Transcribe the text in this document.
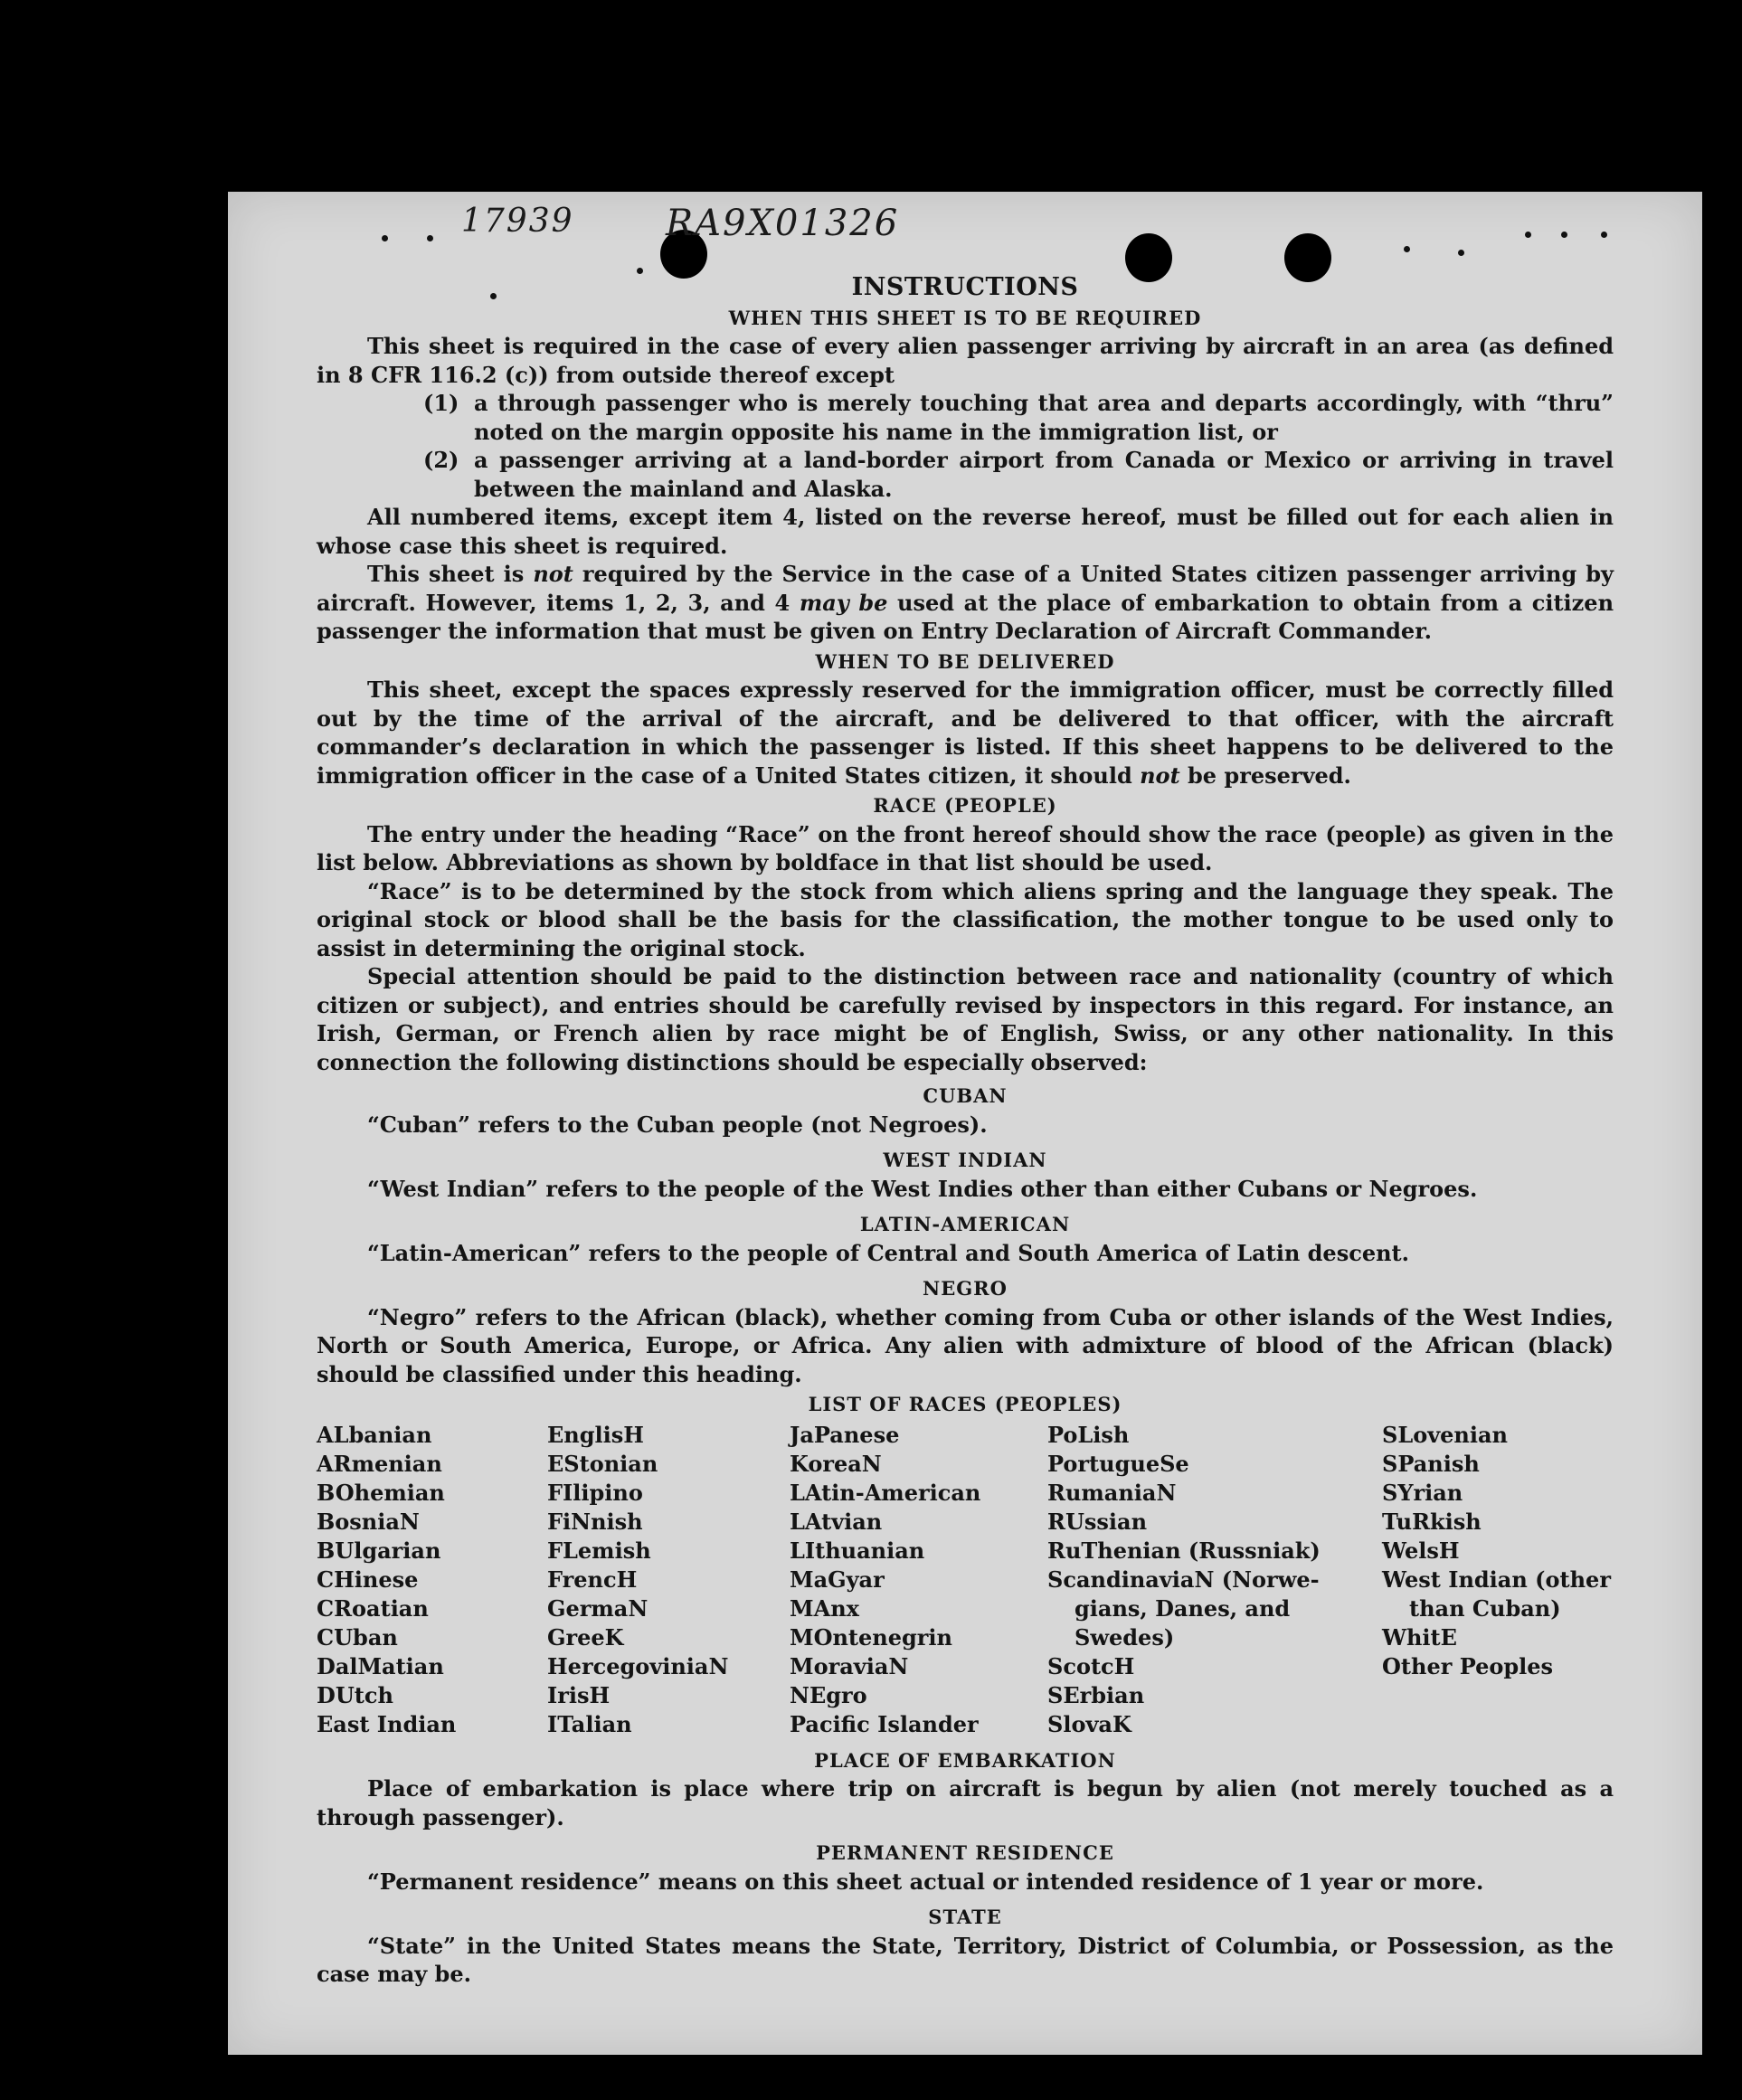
17939	RA9X01326
INSTRUCTIONS
WHEN THIS SHEET IS TO BE REQUIRED

This sheet is required in the case of every alien passenger arriving by aircraft in an area (as defined in 8 CFR 116.2 (c)) from outside thereof except

(1) a through passenger who is merely touching that area and departs accordingly, with “thru” noted on the margin opposite his name in the immigration list, or
(2) a passenger arriving at a land-border airport from Canada or Mexico or arriving in travel between the mainland and Alaska.

All numbered items, except item 4, listed on the reverse hereof, must be filled out for each alien in whose case this sheet is required.

This sheet is not required by the Service in the case of a United States citizen passenger arriving by aircraft. However, items 1, 2, 3, and 4 may be used at the place of embarkation to obtain from a citizen passenger the information that must be given on Entry Declaration of Aircraft Commander.

WHEN TO BE DELIVERED

This sheet, except the spaces expressly reserved for the immigration officer, must be correctly filled out by the time of the arrival of the aircraft, and be delivered to that officer, with the aircraft commander’s declaration in which the passenger is listed. If this sheet happens to be delivered to the immigration officer in the case of a United States citizen, it should not be preserved.

RACE (PEOPLE)

The entry under the heading “Race” on the front hereof should show the race (people) as given in the list below. Abbreviations as shown by boldface in that list should be used.

“Race” is to be determined by the stock from which aliens spring and the language they speak. The original stock or blood shall be the basis for the classification, the mother tongue to be used only to assist in determining the original stock.

Special attention should be paid to the distinction between race and nationality (country of which citizen or subject), and entries should be carefully revised by inspectors in this regard. For instance, an Irish, German, or French alien by race might be of English, Swiss, or any other nationality. In this connection the following distinctions should be especially observed:

CUBAN

“Cuban” refers to the Cuban people (not Negroes).

WEST INDIAN

“West Indian” refers to the people of the West Indies other than either Cubans or Negroes.

LATIN-AMERICAN

“Latin-American” refers to the people of Central and South America of Latin descent.

NEGRO

“Negro” refers to the African (black), whether coming from Cuba or other islands of the West Indies, North or South America, Europe, or Africa. Any alien with admixture of blood of the African (black) should be classified under this heading.

LIST OF RACES (PEOPLES)
ALbanian
ARmenian
BOhemian
BosniaN
BUlgarian
CHinese
CRoatian
CUban
DalMatian
DUtch
East Indian
EnglisH
EStonian
FIlipino
FiNnish
FLemish
FrencH
GermaN
GreeK
HercegoviniaN
IrisH
ITalian
JaPanese
KoreaN
LAtin-American
LAtvian
LIthuanian
MaGyar
MAnx
MOntenegrin
MoraviaN
NEgro
Pacific Islander
PoLish
PortugueSe
RumaniaN
RUssian
RuThenian (Russniak)
ScandinaviaN (Norwe-
gians, Danes, and
Swedes)
ScotcH
SErbian
SlovaK
SLovenian
SPanish
SYrian
TuRkish
WelsH
West Indian (other
than Cuban)
WhitE
Other Peoples
PLACE OF EMBARKATION

Place of embarkation is place where trip on aircraft is begun by alien (not merely touched as a through passenger).

PERMANENT RESIDENCE

“Permanent residence” means on this sheet actual or intended residence of 1 year or more.

STATE

“State” in the United States means the State, Territory, District of Columbia, or Possession, as the case may be.
